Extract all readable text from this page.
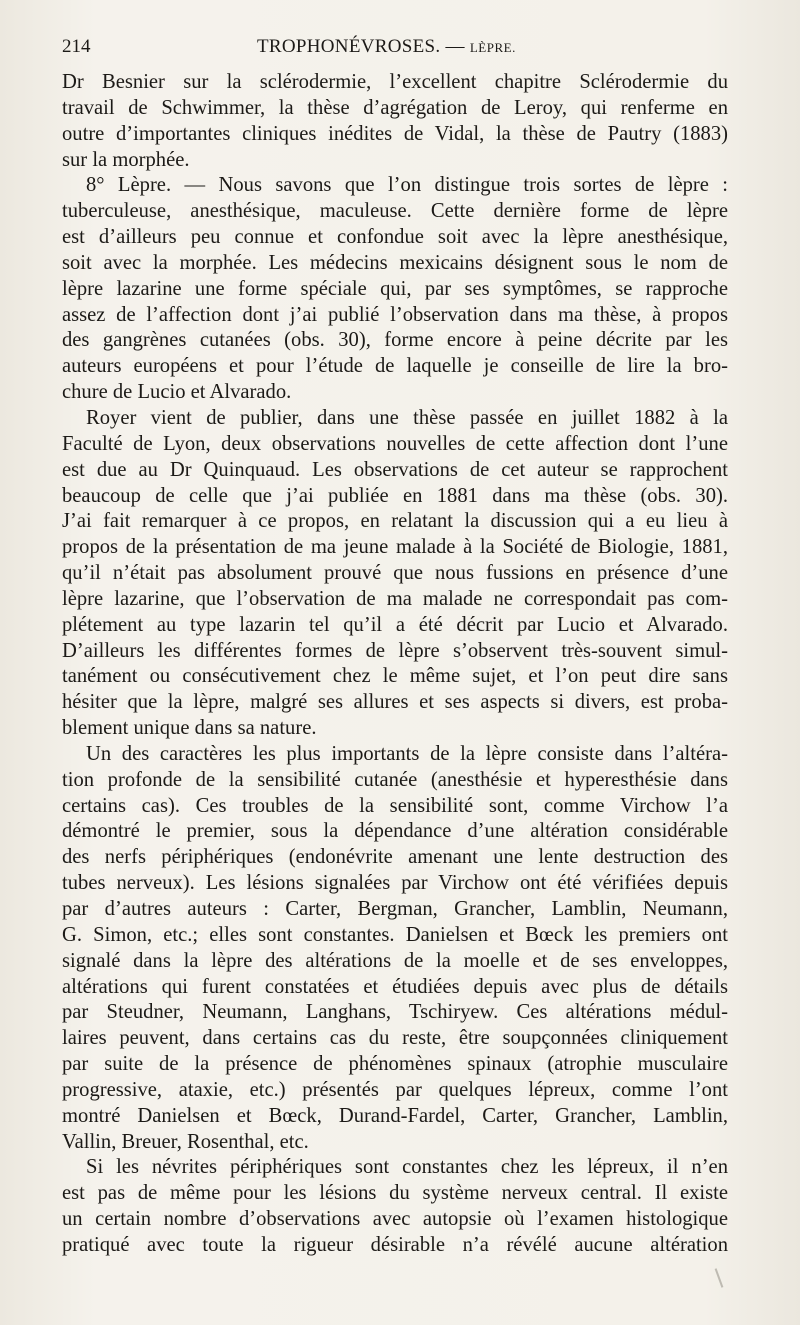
214	TROPHONÉVROSES. — LÈPRE.
Dr Besnier sur la sclérodermie, l’excellent chapitre Sclérodermie du
travail de Schwimmer, la thèse d’agrégation de Leroy, qui renferme en
outre d’importantes cliniques inédites de Vidal, la thèse de Pautry (1883)
sur la morphée.
8° Lèpre. — Nous savons que l’on distingue trois sortes de lèpre :
tuberculeuse, anesthésique, maculeuse. Cette dernière forme de lèpre
est d’ailleurs peu connue et confondue soit avec la lèpre anesthésique,
soit avec la morphée. Les médecins mexicains désignent sous le nom de
lèpre lazarine une forme spéciale qui, par ses symptômes, se rapproche
assez de l’affection dont j’ai publié l’observation dans ma thèse, à propos
des gangrènes cutanées (obs. 30), forme encore à peine décrite par les
auteurs européens et pour l’étude de laquelle je conseille de lire la bro-
chure de Lucio et Alvarado.
Royer vient de publier, dans une thèse passée en juillet 1882 à la
Faculté de Lyon, deux observations nouvelles de cette affection dont l’une
est due au Dr Quinquaud. Les observations de cet auteur se rapprochent
beaucoup de celle que j’ai publiée en 1881 dans ma thèse (obs. 30).
J’ai fait remarquer à ce propos, en relatant la discussion qui a eu lieu à
propos de la présentation de ma jeune malade à la Société de Biologie, 1881,
qu’il n’était pas absolument prouvé que nous fussions en présence d’une
lèpre lazarine, que l’observation de ma malade ne correspondait pas com-
plétement au type lazarin tel qu’il a été décrit par Lucio et Alvarado.
D’ailleurs les différentes formes de lèpre s’observent très-souvent simul-
tanément ou consécutivement chez le même sujet, et l’on peut dire sans
hésiter que la lèpre, malgré ses allures et ses aspects si divers, est proba-
blement unique dans sa nature.
Un des caractères les plus importants de la lèpre consiste dans l’altéra-
tion profonde de la sensibilité cutanée (anesthésie et hyperesthésie dans
certains cas). Ces troubles de la sensibilité sont, comme Virchow l’a
démontré le premier, sous la dépendance d’une altération considérable
des nerfs périphériques (endonévrite amenant une lente destruction des
tubes nerveux). Les lésions signalées par Virchow ont été vérifiées depuis
par d’autres auteurs : Carter, Bergman, Grancher, Lamblin, Neumann,
G. Simon, etc.; elles sont constantes. Danielsen et Bœck les premiers ont
signalé dans la lèpre des altérations de la moelle et de ses enveloppes,
altérations qui furent constatées et étudiées depuis avec plus de détails
par Steudner, Neumann, Langhans, Tschiryew. Ces altérations médul-
laires peuvent, dans certains cas du reste, être soupçonnées cliniquement
par suite de la présence de phénomènes spinaux (atrophie musculaire
progressive, ataxie, etc.) présentés par quelques lépreux, comme l’ont
montré Danielsen et Bœck, Durand-Fardel, Carter, Grancher, Lamblin,
Vallin, Breuer, Rosenthal, etc.
Si les névrites périphériques sont constantes chez les lépreux, il n’en
est pas de même pour les lésions du système nerveux central. Il existe
un certain nombre d’observations avec autopsie où l’examen histologique
pratiqué avec toute la rigueur désirable n’a révélé aucune altération
